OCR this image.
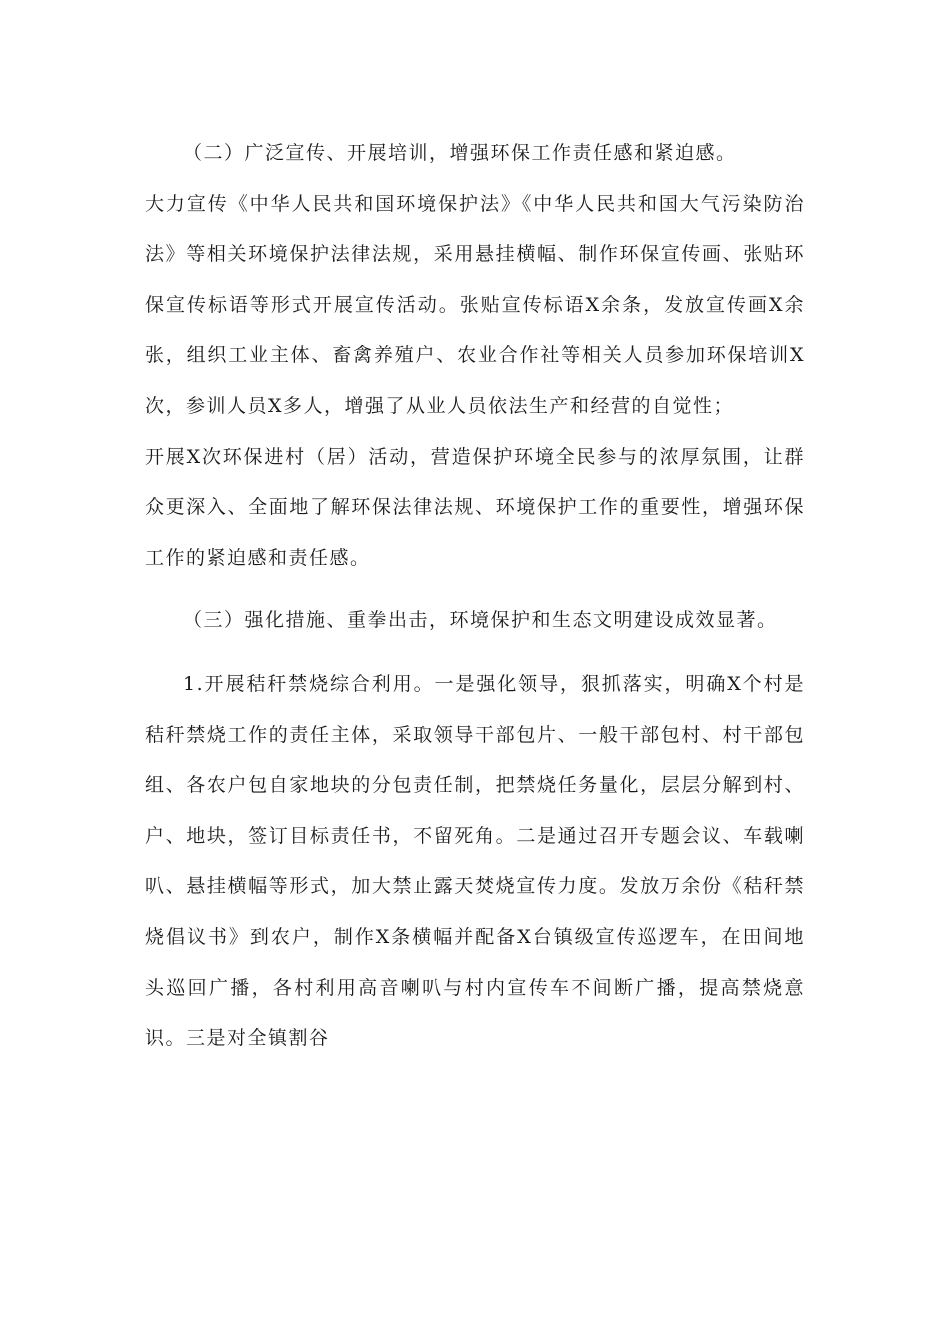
（二）广泛宣传、开展培训，增强环保工作责任感和紧迫感。

大力宣传《中华人民共和国环境保护法》《中华人民共和国大气污染防治法》等相关环境保护法律法规，采用悬挂横幅、制作环保宣传画、张贴环保宣传标语等形式开展宣传活动。张贴宣传标语X余条，发放宣传画X余张，组织工业主体、畜禽养殖户、农业合作社等相关人员参加环保培训X次，参训人员X多人，增强了从业人员依法生产和经营的自觉性；

开展X次环保进村（居）活动，营造保护环境全民参与的浓厚氛围，让群众更深入、全面地了解环保法律法规、环境保护工作的重要性，增强环保工作的紧迫感和责任感。

（三）强化措施、重拳出击，环境保护和生态文明建设成效显著。

1.开展秸秆禁烧综合利用。一是强化领导，狠抓落实，明确X个村是秸秆禁烧工作的责任主体，采取领导干部包片、一般干部包村、村干部包组、各农户包自家地块的分包责任制，把禁烧任务量化，层层分解到村、户、地块，签订目标责任书，不留死角。二是通过召开专题会议、车载喇叭、悬挂横幅等形式，加大禁止露天焚烧宣传力度。发放万余份《秸秆禁烧倡议书》到农户，制作X条横幅并配备X台镇级宣传巡逻车，在田间地头巡回广播，各村利用高音喇叭与村内宣传车不间断广播，提高禁烧意识。三是对全镇割谷
